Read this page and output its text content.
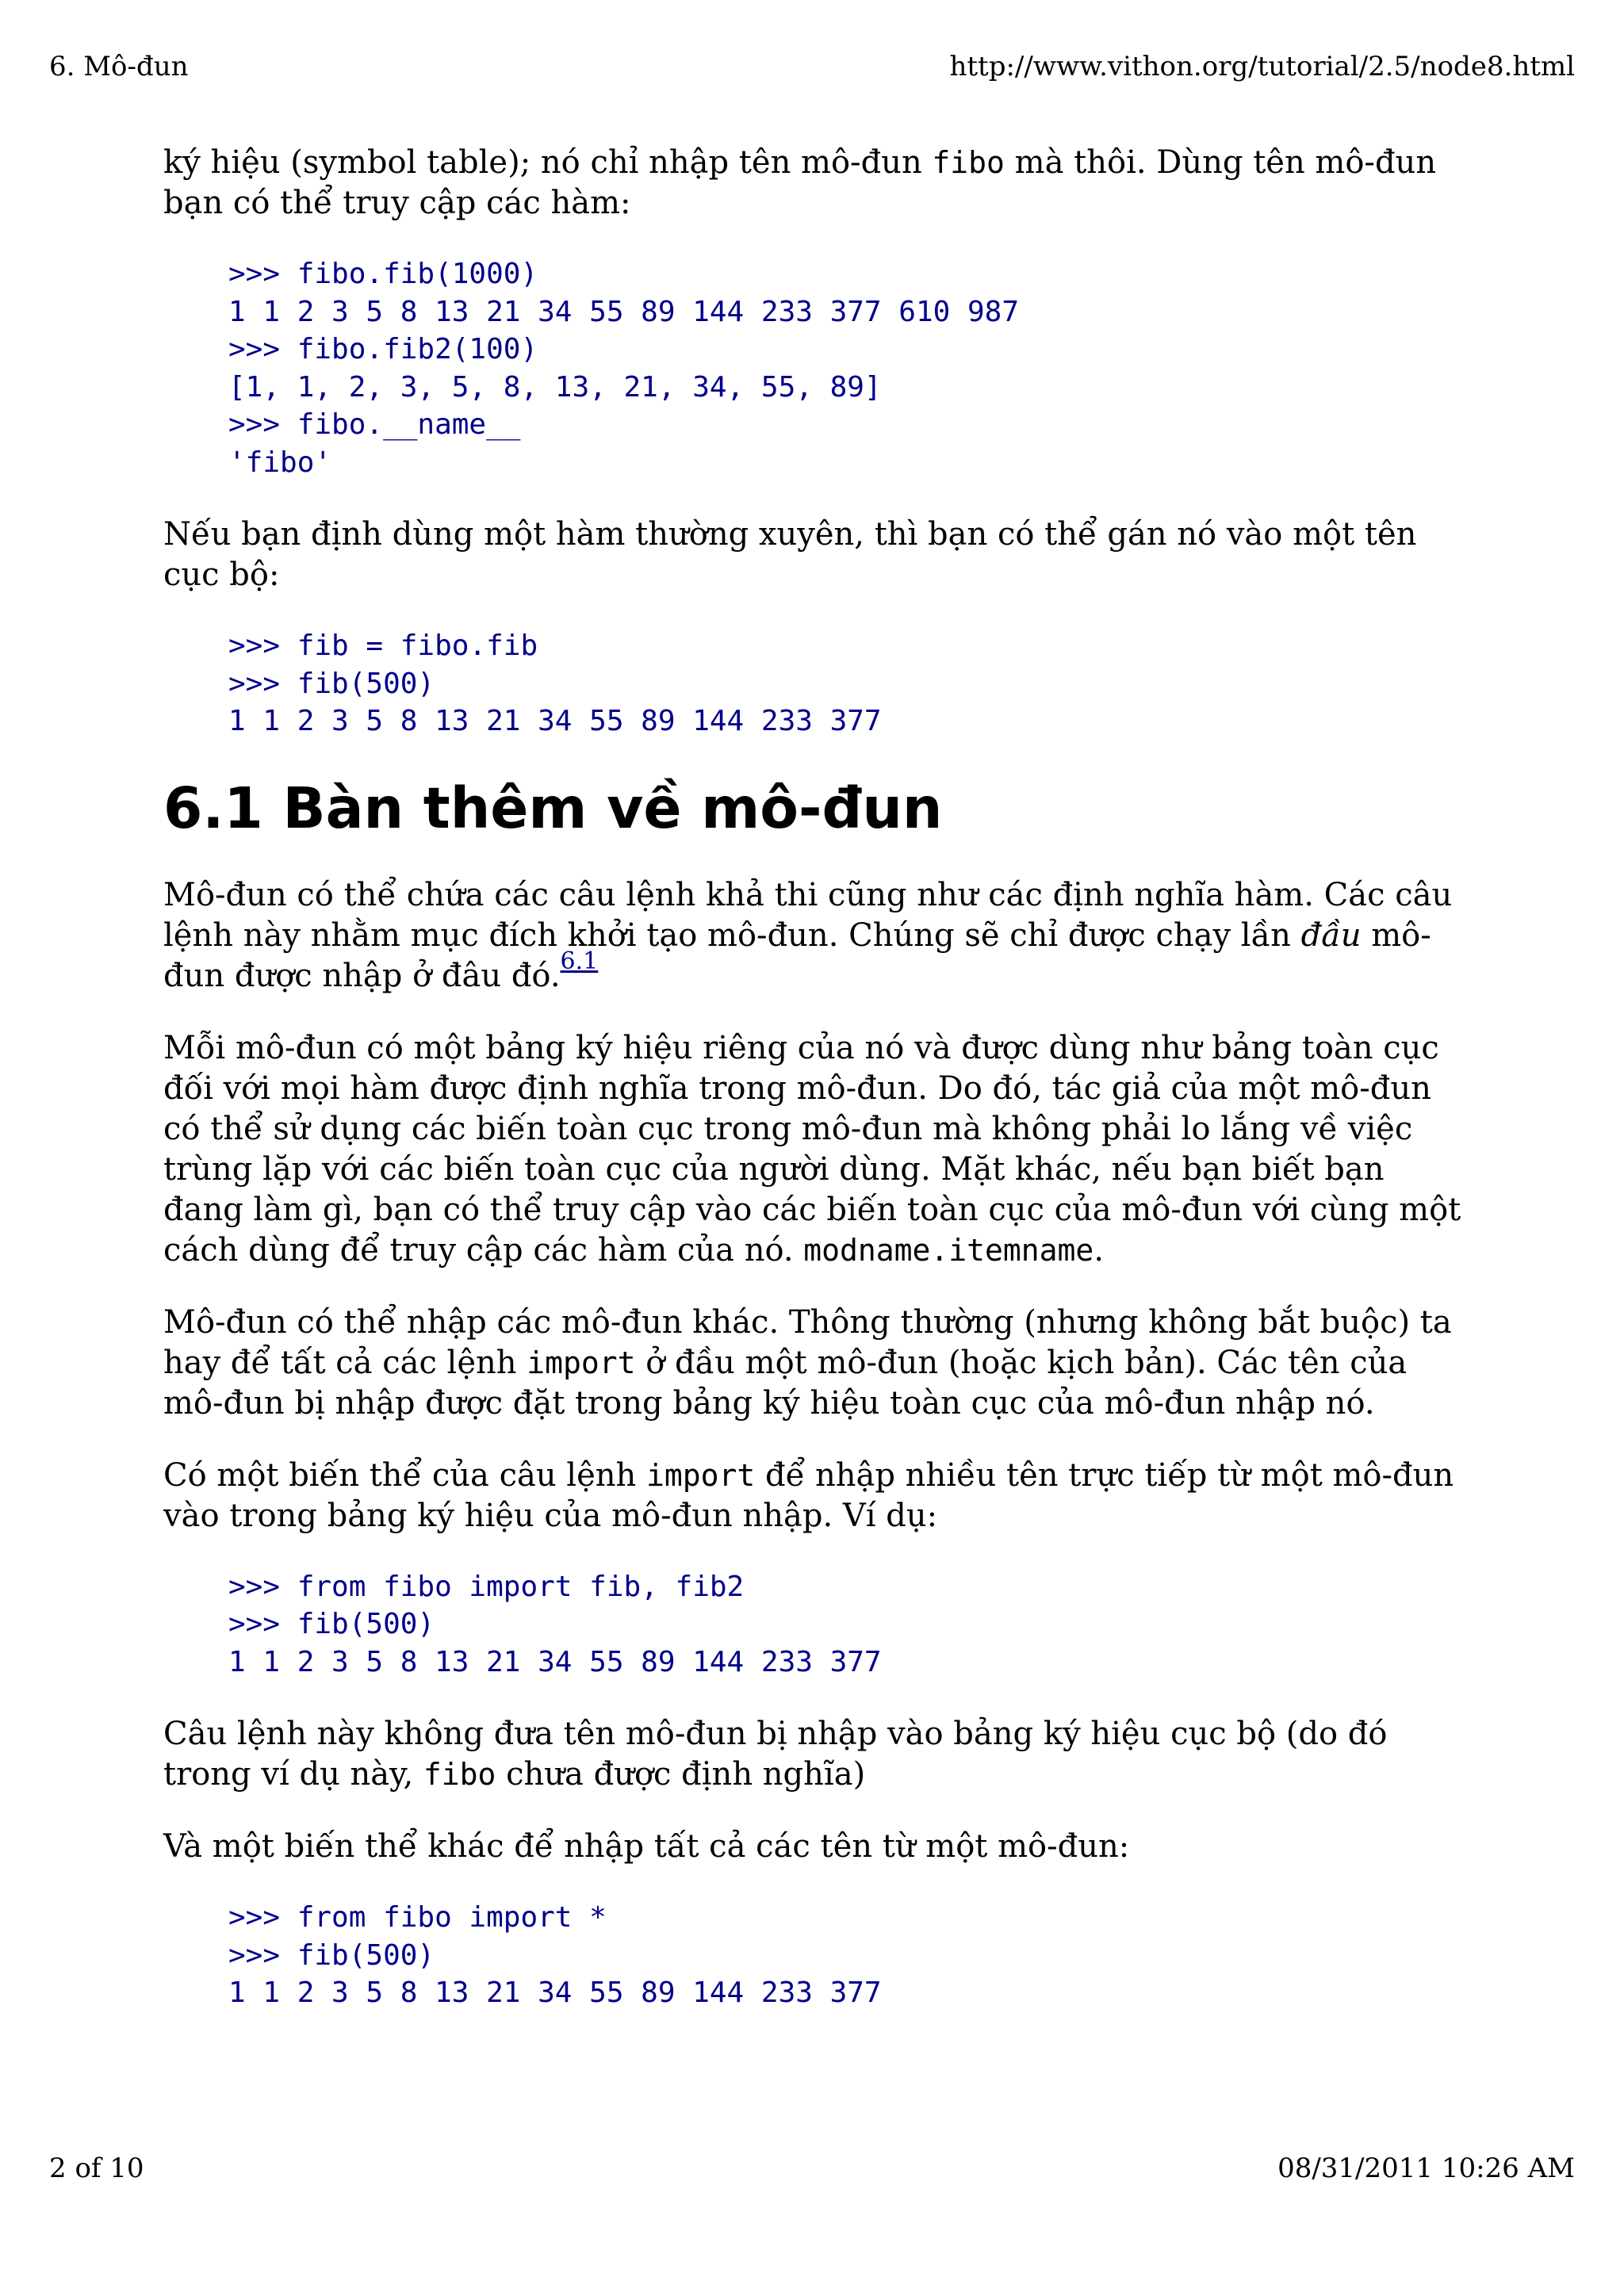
6. Mô-đun	http://www.vithon.org/tutorial/2.5/node8.html

ký hiệu (symbol table); nó chỉ nhập tên mô-đun fibo mà thôi. Dùng tên mô-đun bạn có thể truy cập các hàm:

>>> fibo.fib(1000)
1 1 2 3 5 8 13 21 34 55 89 144 233 377 610 987
>>> fibo.fib2(100)
[1, 1, 2, 3, 5, 8, 13, 21, 34, 55, 89]
>>> fibo.__name__
'fibo'

Nếu bạn định dùng một hàm thường xuyên, thì bạn có thể gán nó vào một tên cục bộ:

>>> fib = fibo.fib
>>> fib(500)
1 1 2 3 5 8 13 21 34 55 89 144 233 377
6.1 Bàn thêm về mô-đun

Mô-đun có thể chứa các câu lệnh khả thi cũng như các định nghĩa hàm. Các câu lệnh này nhằm mục đích khởi tạo mô-đun. Chúng sẽ chỉ được chạy lần đầu mô-đun được nhập ở đâu đó.$^{6.1}$

Mỗi mô-đun có một bảng ký hiệu riêng của nó và được dùng như bảng toàn cục đối với mọi hàm được định nghĩa trong mô-đun. Do đó, tác giả của một mô-đun có thể sử dụng các biến toàn cục trong mô-đun mà không phải lo lắng về việc trùng lặp với các biến toàn cục của người dùng. Mặt khác, nếu bạn biết bạn đang làm gì, bạn có thể truy cập vào các biến toàn cục của mô-đun với cùng một cách dùng để truy cập các hàm của nó. modname.itemname.

Mô-đun có thể nhập các mô-đun khác. Thông thường (nhưng không bắt buộc) ta hay để tất cả các lệnh import ở đầu một mô-đun (hoặc kịch bản). Các tên của mô-đun bị nhập được đặt trong bảng ký hiệu toàn cục của mô-đun nhập nó.

Có một biến thể của câu lệnh import để nhập nhiều tên trực tiếp từ một mô-đun vào trong bảng ký hiệu của mô-đun nhập. Ví dụ:

>>> from fibo import fib, fib2
>>> fib(500)
1 1 2 3 5 8 13 21 34 55 89 144 233 377

Câu lệnh này không đưa tên mô-đun bị nhập vào bảng ký hiệu cục bộ (do đó trong ví dụ này, fibo chưa được định nghĩa)

Và một biến thể khác để nhập tất cả các tên từ một mô-đun:

>>> from fibo import *
>>> fib(500)
1 1 2 3 5 8 13 21 34 55 89 144 233 377
2 of 10	08/31/2011 10:26 AM
